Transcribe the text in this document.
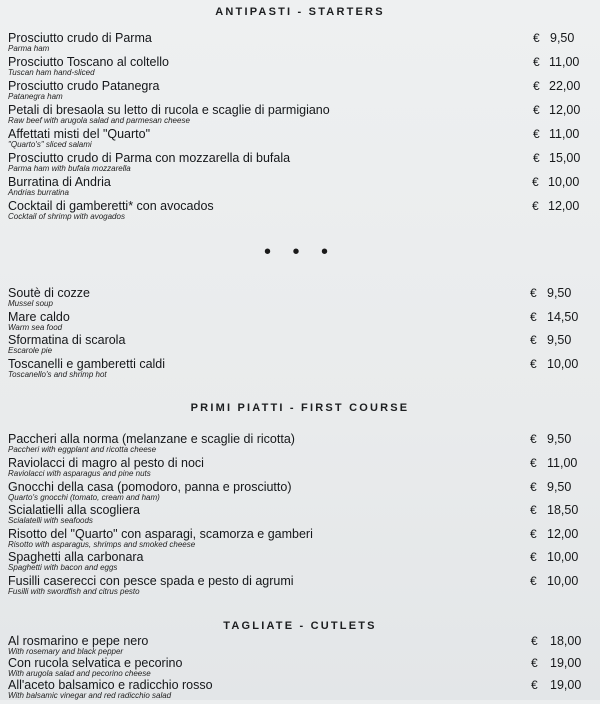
ANTIPASTI - STARTERS
Prosciutto crudo di Parma
Parma ham
€ 9,50
Prosciutto Toscano al coltello
Tuscan ham hand-sliced
€ 11,00
Prosciutto crudo Patanegra
Patanegra ham
€ 22,00
Petali di bresaola su letto di rucola e scaglie di parmigiano
Raw beef with arugola salad and parmesan cheese
€ 12,00
Affettati misti del "Quarto"
"Quarto's" sliced salami
€ 11,00
Prosciutto crudo di Parma con mozzarella di bufala
Parma ham with bufala mozzarella
€ 15,00
Burratina di Andria
Andrias burratina
€ 10,00
Cocktail di gamberetti* con avocados
Cocktail of shrimp with avogados
€ 12,00
• • •
Soutè di cozze
Mussel soup
€ 9,50
Mare caldo
Warm sea food
€ 14,50
Sformatina di scarola
Escarole pie
€ 9,50
Toscanelli e gamberetti caldi
Toscanello's and shrimp hot
€ 10,00
PRIMI PIATTI - FIRST COURSE
Paccheri alla norma (melanzane e scaglie di ricotta)
Paccheri with eggplant and ricotta cheese
€ 9,50
Raviolacci di magro al pesto di noci
Raviolacci with asparagus and pine nuts
€ 11,00
Gnocchi della casa (pomodoro, panna e prosciutto)
Quarto's gnocchi (tomato, cream and ham)
€ 9,50
Scialatielli alla scogliera
Scialatelli with seafoods
€ 18,50
Risotto del "Quarto" con asparagi, scamorza e gamberi
Risotto with asparagus, shrimps and smoked cheese
€ 12,00
Spaghetti alla carbonara
Spaghetti with bacon and eggs
€ 10,00
Fusilli caserecci con pesce spada e pesto di agrumi
Fusilli with swordfish and citrus pesto
€ 10,00
TAGLIATE - CUTLETS
Al rosmarino e pepe nero
With rosemary and black pepper
€ 18,00
Con rucola selvatica e pecorino
With arugola salad and pecorino cheese
€ 19,00
All'aceto balsamico e radicchio rosso
With balsamic vinegar and red radicchio salad
€ 19,00
